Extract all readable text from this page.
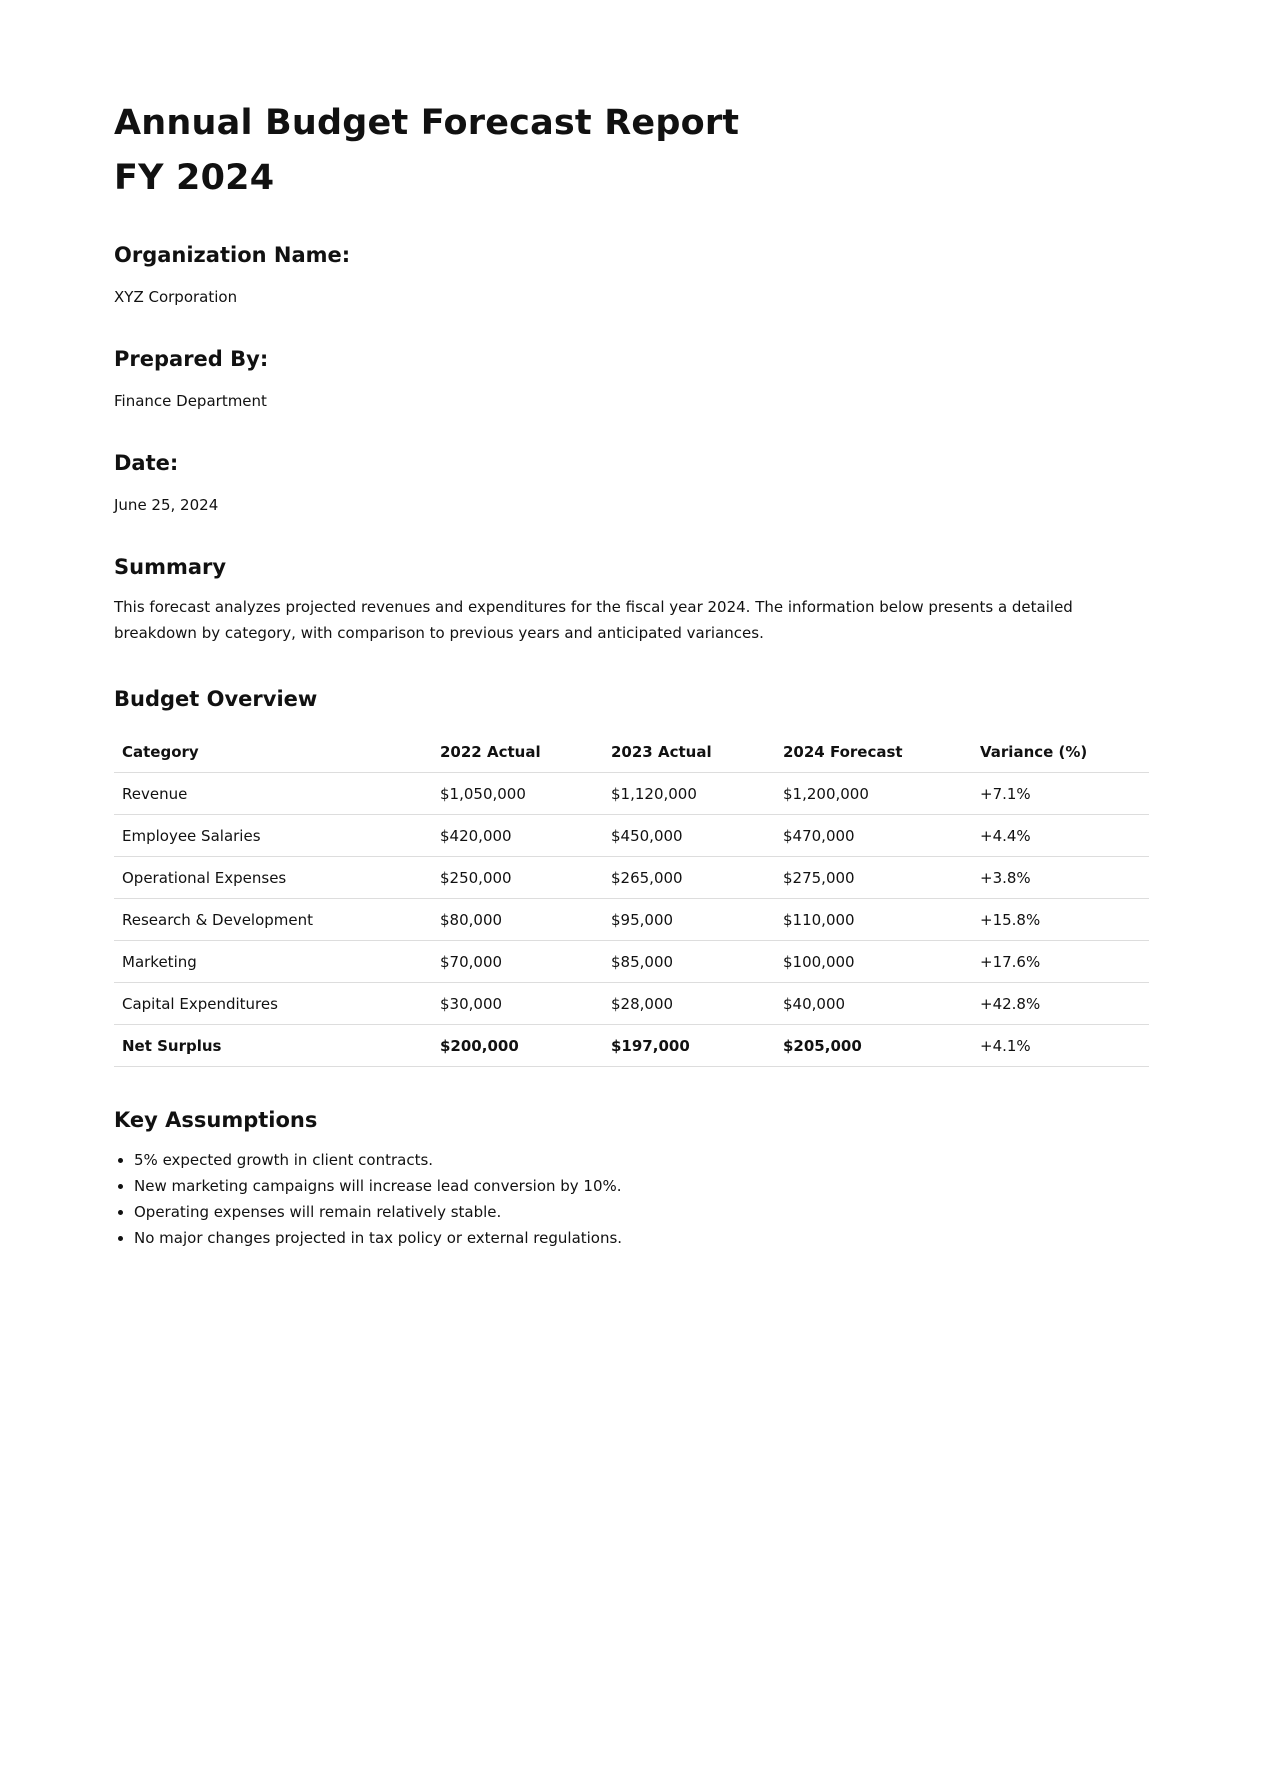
Annual Budget Forecast Report
FY 2024
Organization Name:

XYZ Corporation

Prepared By:

Finance Department

Date:

June 25, 2024

Summary

This forecast analyzes projected revenues and expenditures for the fiscal year 2024. The information below presents a detailed breakdown by category, with comparison to previous years and anticipated variances.

Budget Overview
Category	2022 Actual	2023 Actual	2024 Forecast	Variance (%)
Revenue	$1,050,000	$1,120,000	$1,200,000	+7.1%
Employee Salaries	$420,000	$450,000	$470,000	+4.4%
Operational Expenses	$250,000	$265,000	$275,000	+3.8%
Research & Development	$80,000	$95,000	$110,000	+15.8%
Marketing	$70,000	$85,000	$100,000	+17.6%
Capital Expenditures	$30,000	$28,000	$40,000	+42.8%
Net Surplus	$200,000	$197,000	$205,000	+4.1%
Key Assumptions
• 5% expected growth in client contracts.
• New marketing campaigns will increase lead conversion by 10%.
• Operating expenses will remain relatively stable.
• No major changes projected in tax policy or external regulations.
